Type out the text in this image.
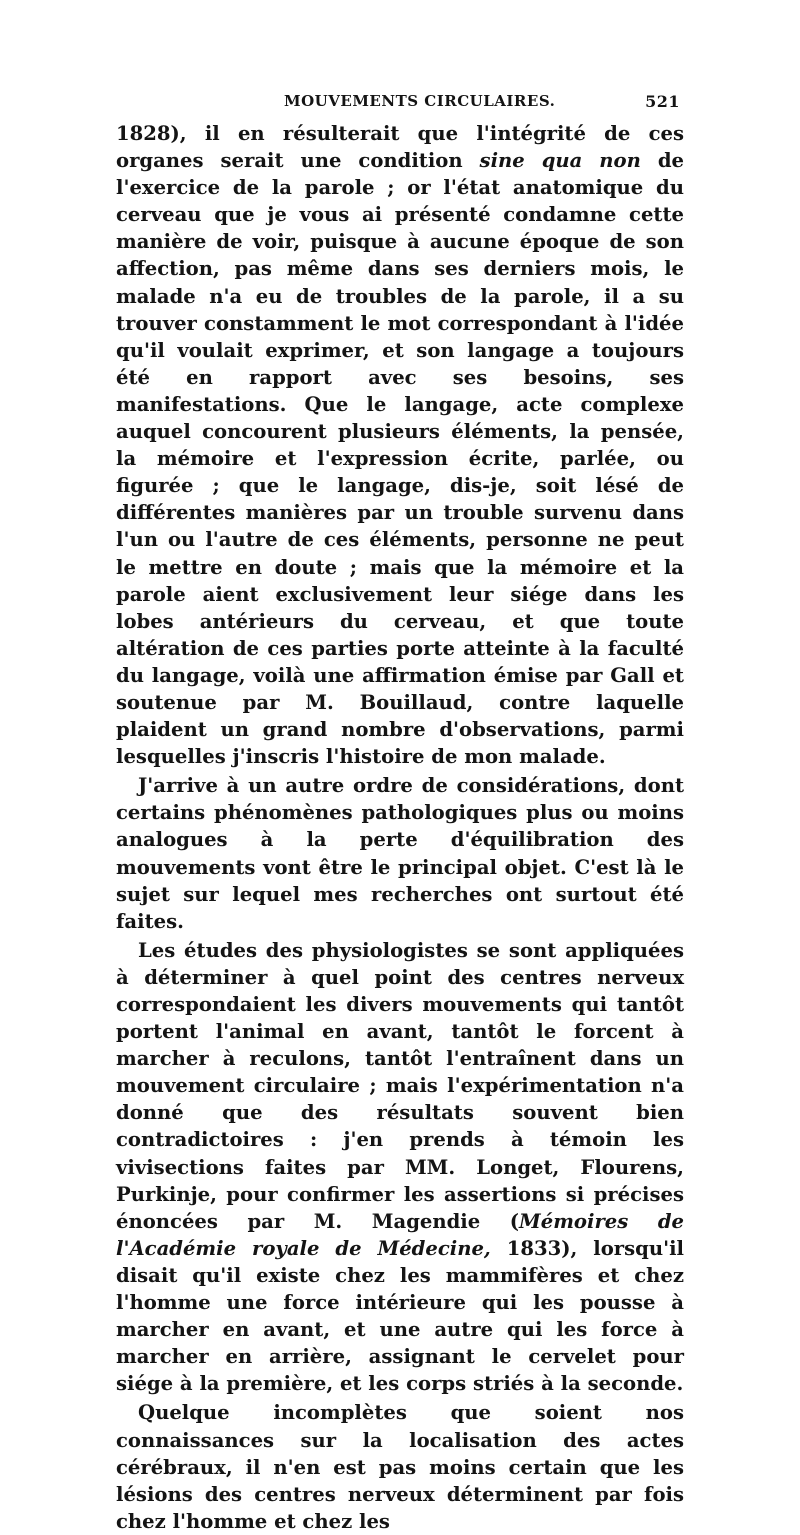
MOUVEMENTS CIRCULAIRES.	521

1828), il en résulterait que l'intégrité de ces organes serait une condition sine qua non de l'exercice de la parole ; or l'état anatomique du cerveau que je vous ai présenté condamne cette manière de voir, puisque à aucune époque de son affection, pas même dans ses derniers mois, le malade n'a eu de troubles de la parole, il a su trouver constamment le mot correspondant à l'idée qu'il voulait exprimer, et son langage a toujours été en rapport avec ses besoins, ses manifestations. Que le langage, acte complexe auquel concourent plusieurs éléments, la pensée, la mémoire et l'expression écrite, parlée, ou figurée ; que le langage, dis-je, soit lésé de différentes manières par un trouble survenu dans l'un ou l'autre de ces éléments, personne ne peut le mettre en doute ; mais que la mémoire et la parole aient exclusivement leur siége dans les lobes antérieurs du cerveau, et que toute altération de ces parties porte atteinte à la faculté du langage, voilà une affirmation émise par Gall et soutenue par M. Bouillaud, contre laquelle plaident un grand nombre d'observations, parmi lesquelles j'inscris l'histoire de mon malade.

J'arrive à un autre ordre de considérations, dont certains phénomènes pathologiques plus ou moins analogues à la perte d'équilibration des mouvements vont être le principal objet. C'est là le sujet sur lequel mes recherches ont surtout été faites.

Les études des physiologistes se sont appliquées à déterminer à quel point des centres nerveux correspondaient les divers mouvements qui tantôt portent l'animal en avant, tantôt le forcent à marcher à reculons, tantôt l'entraînent dans un mouvement circulaire ; mais l'expérimentation n'a donné que des résultats souvent bien contradictoires : j'en prends à témoin les vivisections faites par MM. Longet, Flourens, Purkinje, pour confirmer les assertions si précises énoncées par M. Magendie (Mémoires de l'Académie royale de Médecine, 1833), lorsqu'il disait qu'il existe chez les mammifères et chez l'homme une force intérieure qui les pousse à marcher en avant, et une autre qui les force à marcher en arrière, assignant le cervelet pour siége à la première, et les corps striés à la seconde.

Quelque incomplètes que soient nos connaissances sur la localisation des actes cérébraux, il n'en est pas moins certain que les lésions des centres nerveux déterminent par fois chez l'homme et chez les
